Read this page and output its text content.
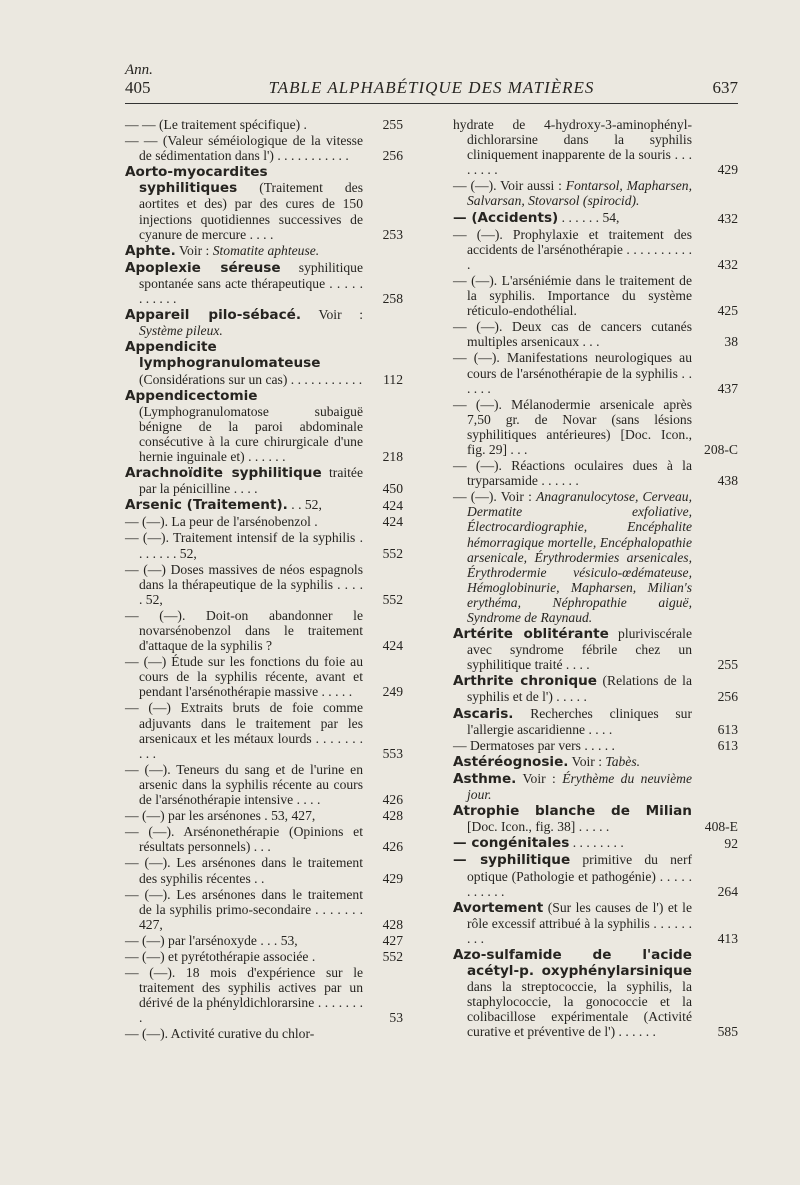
Ann.
405	TABLE ALPHABÉTIQUE DES MATIÈRES	637
— — (Le traitement spécifique) .	255
— — (Valeur séméiologique de la vitesse de sédimentation dans l') . . . . . . . . . . . 256
Aorto-myocardites syphilitiques (Traitement des aortites et des) par des cures de 150 injections quotidiennes successives de cyanure de mercure . . . .	253
Aphte. Voir : Stomatite aphteuse.
Apoplexie séreuse syphilitique spontanée sans acte thérapeutique . . . . . . . . . . .	258
Appareil pilo-sébacé. Voir : Système pileux.
Appendicite lymphogranulomateuse (Considérations sur un cas) . . . . . . . . . . . 112
Appendicectomie (Lymphogranulomatose subaiguë bénigne de la paroi abdominale consécutive à la cure chirurgicale d'une hernie inguinale et) . . . . . .	218
Arachnoïdite syphilitique traitée par la pénicilline . . . .	450
Arsenic (Traitement). . . 52,	424
— (—). La peur de l'arsénobenzol .	424
— (—). Traitement intensif de la syphilis . . . . . . . 52,	552
— (—) Doses massives de néos espagnols dans la thérapeutique de la syphilis . . . . . 52,	552
— (—). Doit-on abandonner le novarsénobenzol dans le traitement d'attaque de la syphilis ?	424
— (—) Étude sur les fonctions du foie au cours de la syphilis récente, avant et pendant l'arsénothérapie massive . . . . . 249
— (—) Extraits bruts de foie comme adjuvants dans le traitement par les arsenicaux et les métaux lourds . . . . . . . . . .	553
— (—). Teneurs du sang et de l'urine en arsenic dans la syphilis récente au cours de l'arsénothérapie intensive . . . .	426
— (—) par les arsénones . 53, 427,	428
— (—). Arsénonethérapie (Opinions et résultats personnels) . . .	426
— (—). Les arsénones dans le traitement des syphilis récentes . .	429
— (—). Les arsénones dans le traitement de la syphilis primo-secondaire . . . . . . . 427,	428
— (—) par l'arsénoxyde . . . 53,	427
— (—) et pyrétothérapie associée .	552
— (—). 18 mois d'expérience sur le traitement des syphilis actives par un dérivé de la phényldichlorarsine . . . . . . . .	53
— (—). Activité curative du chlor-
hydrate de 4-hydroxy-3-aminophényl-dichlorarsine dans la syphilis cliniquement inapparente de la souris . . . . . . . .	429
— (—). Voir aussi : Fontarsol, Mapharsen, Salvarsan, Stovarsol (spirocid).
— (Accidents) . . . . . . 54,	432
— (—). Prophylaxie et traitement des accidents de l'arsénothérapie . . . . . . . . . . .	432
— (—). L'arséniémie dans le traitement de la syphilis. Importance du système réticulo-endothélial.	425
— (—). Deux cas de cancers cutanés multiples arsenicaux . . .	38
— (—). Manifestations neurologiques au cours de l'arsénothérapie de la syphilis . . . . . .	437
— (—). Mélanodermie arsenicale après 7,50 gr. de Novar (sans lésions syphilitiques antérieures) [Doc. Icon., fig. 29] . . .	208-C
— (—). Réactions oculaires dues à la tryparsamide . . . . . .	438
— (—). Voir : Anagranulocytose, Cerveau, Dermatite exfoliative, Électrocardiographie, Encéphalite hémorragique mortelle, Encéphalopathie arsenicale, Érythrodermies arsenicales, Érythrodermie vésiculo-œdémateuse, Hémoglobinurie, Mapharsen, Milian's erythéma, Néphropathie aiguë, Syndrome de Raynaud.
Artérite oblitérante pluriviscérale avec syndrome fébrile chez un syphilitique traité . . . .	255
Arthrite chronique (Relations de la syphilis et de l') . . . . .	256
Ascaris. Recherches cliniques sur l'allergie ascaridienne . . . .	613
— Dermatoses par vers . . . . .	613
Astéréognosie. Voir : Tabès.
Asthme. Voir : Érythème du neuvième jour.
Atrophie blanche de Milian [Doc. Icon., fig. 38] . . . . .	408-E
— congénitales . . . . . . . .	92
— syphilitique primitive du nerf optique (Pathologie et pathogénie) . . . . . . . . . . .	264
Avortement (Sur les causes de l') et le rôle excessif attribué à la syphilis . . . . . . . . .	413
Azo-sulfamide de l'acide acétyl-p. oxyphénylarsinique dans la streptococcie, la syphilis, la staphylococcie, la gonococcie et la colibacillose expérimentale (Activité curative et préventive de l') . . . . . .	585
